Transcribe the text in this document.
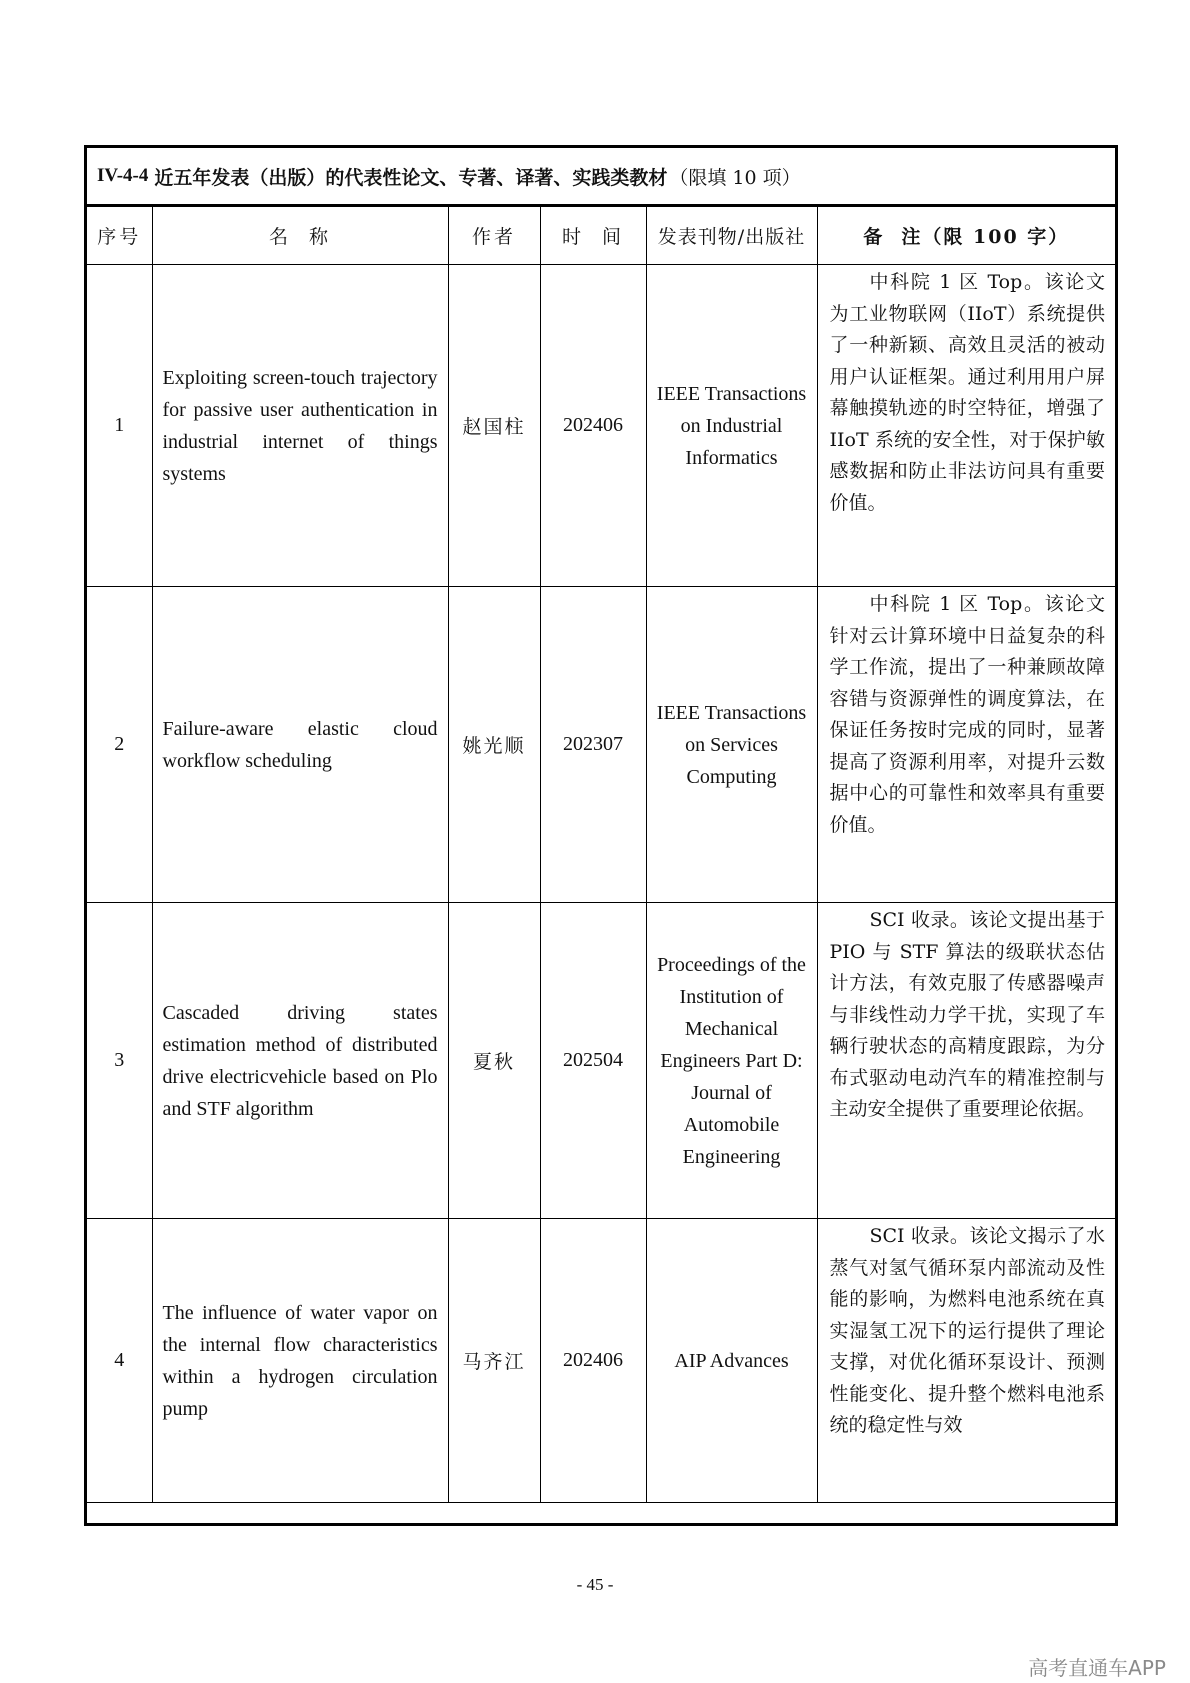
IV-4-4 近五年发表（出版）的代表性论文、专著、译著、实践类教材 （限填 10 项）
序号	名  称	作者	时  间	发表刊物/出版社	备  注（限 100 字）
1	Exploiting screen-touch trajectory for passive user authentication in industrial internet of things systems	赵国柱	202406	IEEE Transactions on Industrial Informatics	中科院 1 区 Top。该论文为工业物联网（IIoT）系统提供了一种新颖、高效且灵活的被动用户认证框架。通过利用用户屏幕触摸轨迹的时空特征，增强了 IIoT 系统的安全性，对于保护敏感数据和防止非法访问具有重要价值。
2	Failure-aware elastic cloud workflow scheduling	姚光顺	202307	IEEE Transactions on Services Computing	中科院 1 区 Top。该论文针对云计算环境中日益复杂的科学工作流，提出了一种兼顾故障容错与资源弹性的调度算法，在保证任务按时完成的同时，显著提高了资源利用率，对提升云数据中心的可靠性和效率具有重要价值。
3	Cascaded driving states estimation method of distributed drive electricvehicle based on Plo and STF algorithm	夏秋	202504	Proceedings of the Institution of Mechanical Engineers Part D: Journal of Automobile Engineering	SCI 收录。该论文提出基于 PIO 与 STF 算法的级联状态估计方法，有效克服了传感器噪声与非线性动力学干扰，实现了车辆行驶状态的高精度跟踪，为分布式驱动电动汽车的精准控制与主动安全提供了重要理论依据。
4	The influence of water vapor on the internal flow characteristics within a hydrogen circulation pump	马齐江	202406	AIP Advances	SCI 收录。该论文揭示了水蒸气对氢气循环泵内部流动及性能的影响，为燃料电池系统在真实湿氢工况下的运行提供了理论支撑，对优化循环泵设计、预测性能变化、提升整个燃料电池系统的稳定性与效
- 45 -
高考直通车APP
